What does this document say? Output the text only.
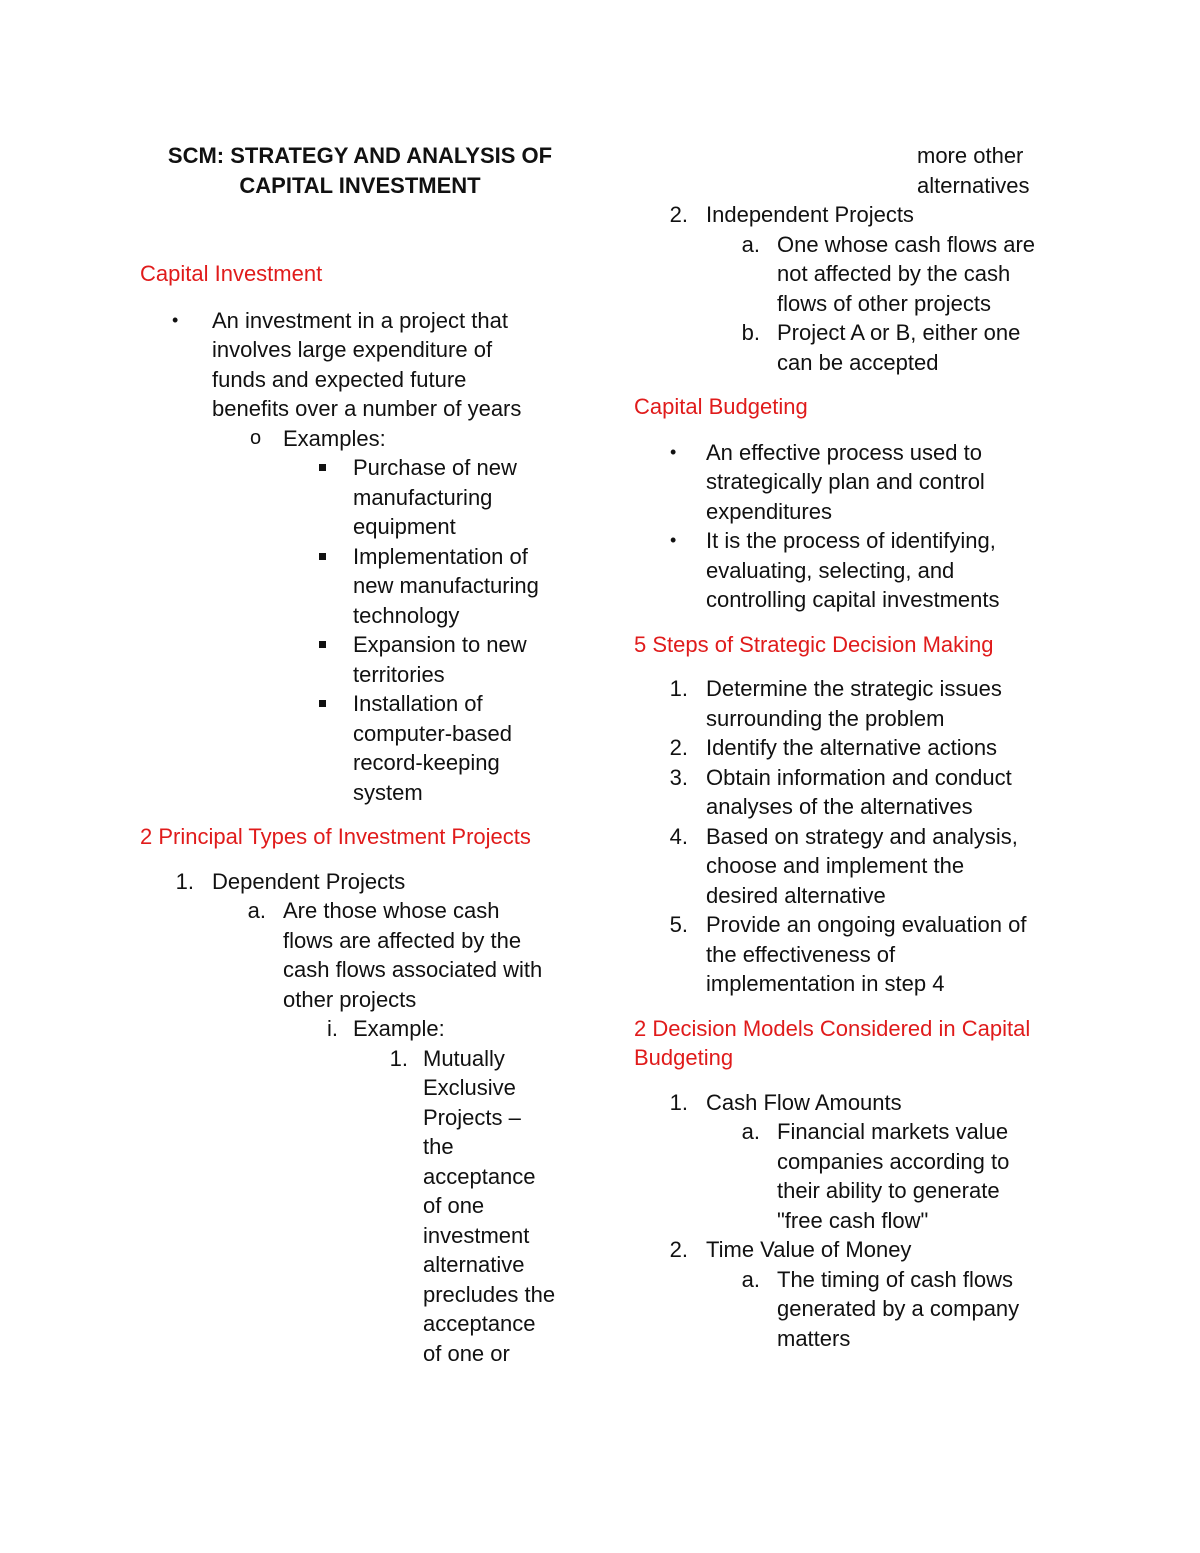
SCM: STRATEGY AND ANALYSIS OF

CAPITAL INVESTMENT

Capital Investment

• An investment in a project that
involves large expenditure of
funds and expected future
benefits over a number of years
o Examples:
Purchase of new
manufacturing
equipment
Implementation of
new manufacturing
technology
Expansion to new
territories
Installation of
computer-based
record-keeping
system

2 Principal Types of Investment Projects

1. Dependent Projects
a. Are those whose cash
flows are affected by the
cash flows associated with
other projects
i. Example:
1. Mutually
Exclusive
Projects –
the
acceptance
of one
investment
alternative
precludes the
acceptance
of one or
more other
alternatives
2. Independent Projects
a. One whose cash flows are
not affected by the cash
flows of other projects
b. Project A or B, either one
can be accepted

Capital Budgeting

• An effective process used to
strategically plan and control
expenditures
• It is the process of identifying,
evaluating, selecting, and
controlling capital investments

5 Steps of Strategic Decision Making

1. Determine the strategic issues
surrounding the problem
2. Identify the alternative actions
3. Obtain information and conduct
analyses of the alternatives
4. Based on strategy and analysis,
choose and implement the
desired alternative
5. Provide an ongoing evaluation of
the effectiveness of
implementation in step 4
2 Decision Models Considered in Capital
Budgeting
1. Cash Flow Amounts
a. Financial markets value
companies according to
their ability to generate
"free cash flow"
2. Time Value of Money
a. The timing of cash flows
generated by a company
matters
